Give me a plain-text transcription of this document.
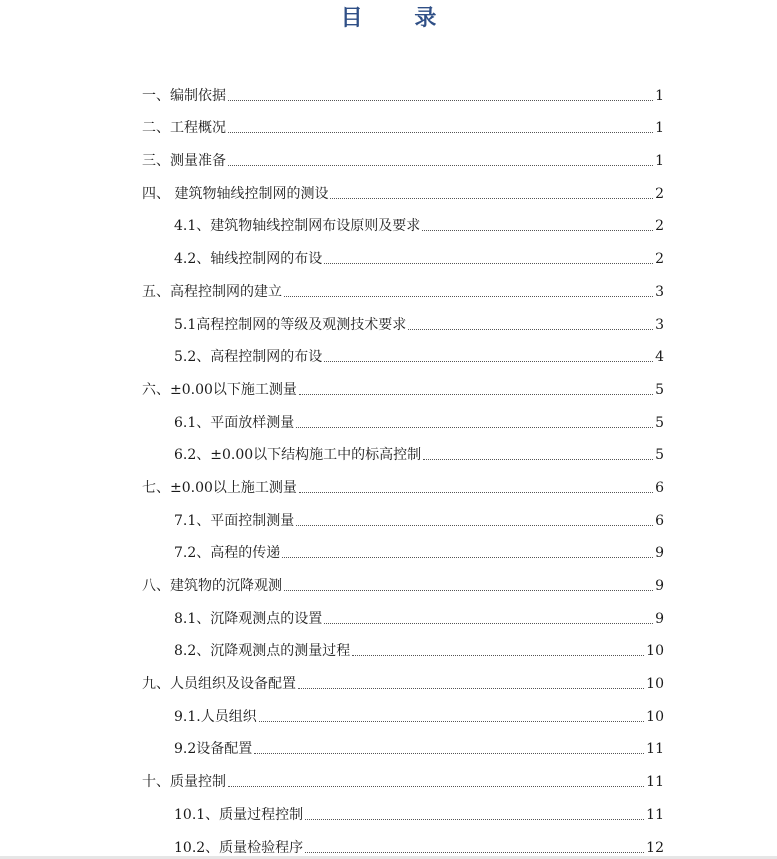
目 录
一、编制依据	1
二、工程概况	1
三、测量准备	1
四、 建筑物轴线控制网的测设	2
4.1、建筑物轴线控制网布设原则及要求	2
4.2、轴线控制网的布设	2
五、高程控制网的建立	3
5.1高程控制网的等级及观测技术要求	3
5.2、高程控制网的布设	4
六、±0.00以下施工测量	5
6.1、平面放样测量	5
6.2、±0.00以下结构施工中的标高控制	5
七、±0.00以上施工测量	6
7.1、平面控制测量	6
7.2、高程的传递	9
八、建筑物的沉降观测	9
8.1、沉降观测点的设置	9
8.2、沉降观测点的测量过程	10
九、人员组织及设备配置	10
9.1.人员组织	10
9.2设备配置	11
十、质量控制	11
10.1、质量过程控制	11
10.2、质量检验程序	12
